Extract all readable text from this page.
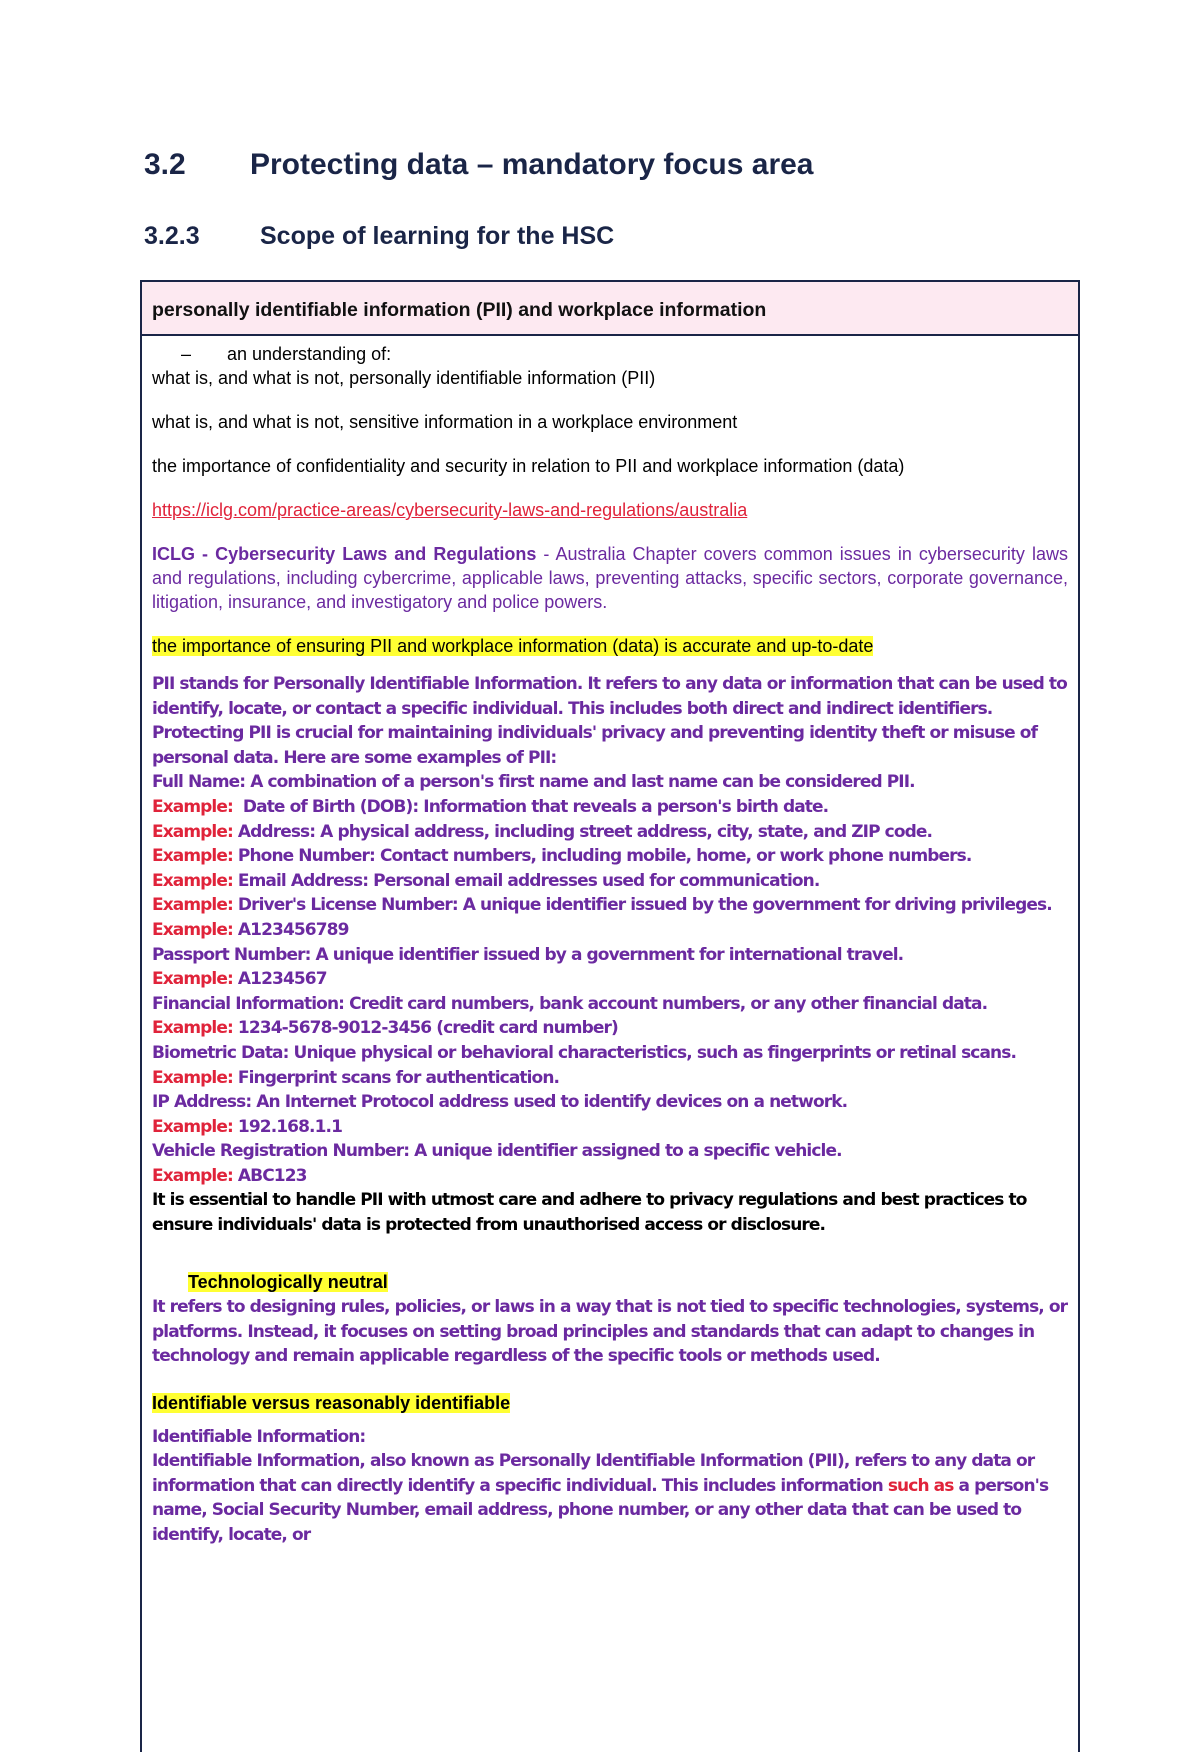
3.2 Protecting data – mandatory focus area
3.2.3 Scope of learning for the HSC
personally identifiable information (PII) and workplace information

– an understanding of:

what is, and what is not, personally identifiable information (PII)

what is, and what is not, sensitive information in a workplace environment

the importance of confidentiality and security in relation to PII and workplace information (data)

https://iclg.com/practice-areas/cybersecurity-laws-and-regulations/australia

ICLG - Cybersecurity Laws and Regulations - Australia Chapter covers common issues in cybersecurity laws and regulations, including cybercrime, applicable laws, preventing attacks, specific sectors, corporate governance, litigation, insurance, and investigatory and police powers.

the importance of ensuring PII and workplace information (data) is accurate and up-to-date

PII stands for Personally Identifiable Information. It refers to any data or information that can be used to identify, locate, or contact a specific individual. This includes both direct and indirect identifiers. Protecting PII is crucial for maintaining individuals' privacy and preventing identity theft or misuse of personal data. Here are some examples of PII:

Full Name: A combination of a person's first name and last name can be considered PII.

Example:  Date of Birth (DOB): Information that reveals a person's birth date.

Example: Address: A physical address, including street address, city, state, and ZIP code.

Example: Phone Number: Contact numbers, including mobile, home, or work phone numbers.

Example: Email Address: Personal email addresses used for communication.

Example: Driver's License Number: A unique identifier issued by the government for driving privileges.

Example: A123456789

Passport Number: A unique identifier issued by a government for international travel.

Example: A1234567

Financial Information: Credit card numbers, bank account numbers, or any other financial data.

Example: 1234-5678-9012-3456 (credit card number)

Biometric Data: Unique physical or behavioral characteristics, such as fingerprints or retinal scans.

Example: Fingerprint scans for authentication.

IP Address: An Internet Protocol address used to identify devices on a network.

Example: 192.168.1.1

Vehicle Registration Number: A unique identifier assigned to a specific vehicle.

Example: ABC123

It is essential to handle PII with utmost care and adhere to privacy regulations and best practices to ensure individuals' data is protected from unauthorised access or disclosure.

Technologically neutral

It refers to designing rules, policies, or laws in a way that is not tied to specific technologies, systems, or platforms. Instead, it focuses on setting broad principles and standards that can adapt to changes in technology and remain applicable regardless of the specific tools or methods used.

Identifiable versus reasonably identifiable

Identifiable Information:

Identifiable Information, also known as Personally Identifiable Information (PII), refers to any data or information that can directly identify a specific individual. This includes information such as a person's name, Social Security Number, email address, phone number, or any other data that can be used to identify, locate, or
